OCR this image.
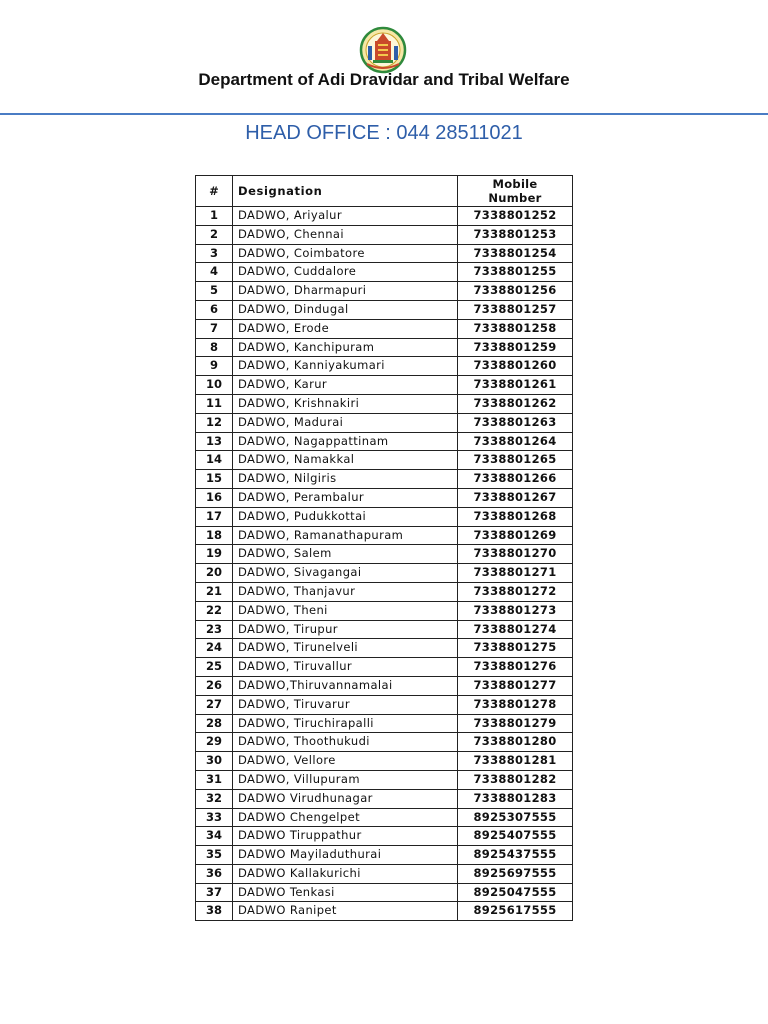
Department of Adi Dravidar and Tribal Welfare
HEAD OFFICE : 044 28511021
#	Designation	Mobile
Number
1	DADWO, Ariyalur	7338801252
2	DADWO, Chennai	7338801253
3	DADWO, Coimbatore	7338801254
4	DADWO, Cuddalore	7338801255
5	DADWO, Dharmapuri	7338801256
6	DADWO, Dindugal	7338801257
7	DADWO, Erode	7338801258
8	DADWO, Kanchipuram	7338801259
9	DADWO, Kanniyakumari	7338801260
10	DADWO, Karur	7338801261
11	DADWO, Krishnakiri	7338801262
12	DADWO, Madurai	7338801263
13	DADWO, Nagappattinam	7338801264
14	DADWO, Namakkal	7338801265
15	DADWO, Nilgiris	7338801266
16	DADWO, Perambalur	7338801267
17	DADWO, Pudukkottai	7338801268
18	DADWO, Ramanathapuram	7338801269
19	DADWO, Salem	7338801270
20	DADWO, Sivagangai	7338801271
21	DADWO, Thanjavur	7338801272
22	DADWO, Theni	7338801273
23	DADWO, Tirupur	7338801274
24	DADWO, Tirunelveli	7338801275
25	DADWO, Tiruvallur	7338801276
26	DADWO,Thiruvannamalai	7338801277
27	DADWO, Tiruvarur	7338801278
28	DADWO, Tiruchirapalli	7338801279
29	DADWO, Thoothukudi	7338801280
30	DADWO, Vellore	7338801281
31	DADWO, Villupuram	7338801282
32	DADWO Virudhunagar	7338801283
33	DADWO Chengelpet	8925307555
34	DADWO Tiruppathur	8925407555
35	DADWO Mayiladuthurai	8925437555
36	DADWO Kallakurichi	8925697555
37	DADWO Tenkasi	8925047555
38	DADWO Ranipet	8925617555
